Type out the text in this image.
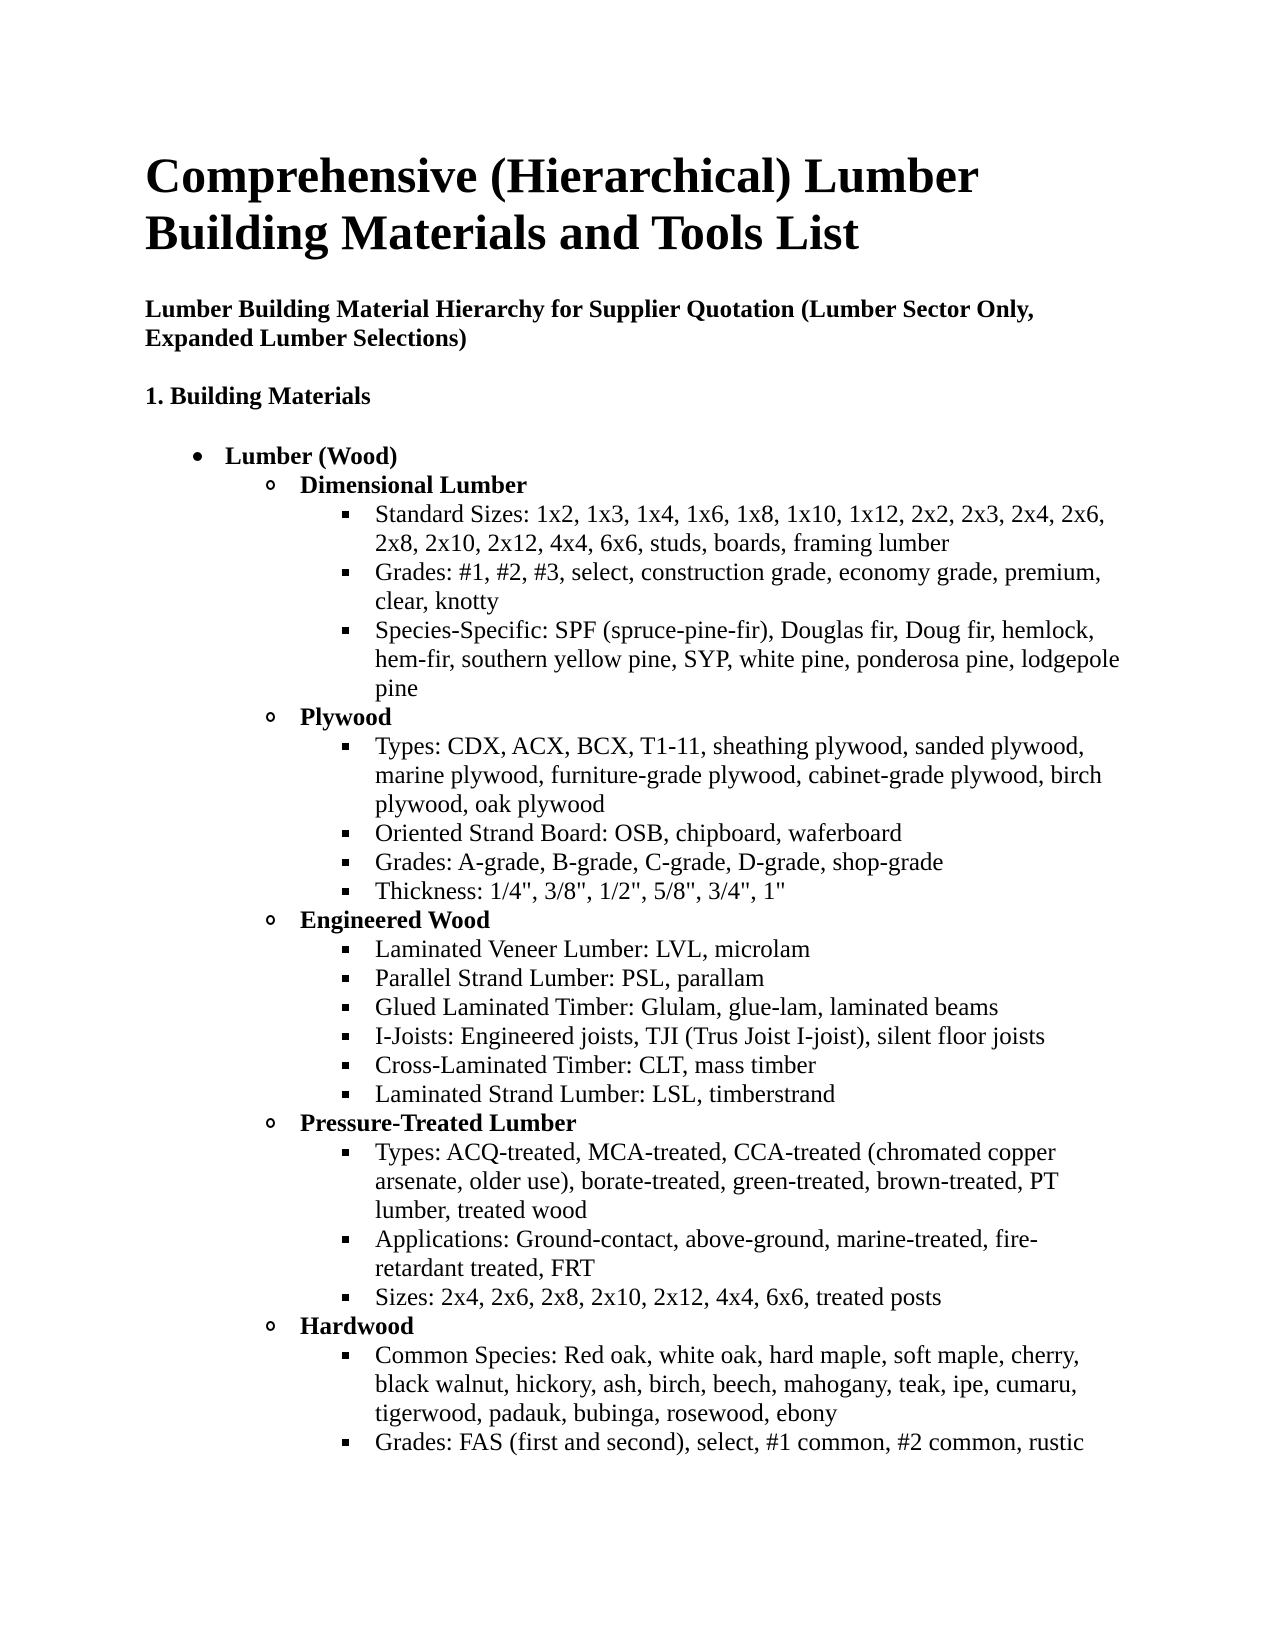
Comprehensive (Hierarchical) Lumber Building Materials and Tools List

Lumber Building Material Hierarchy for Supplier Quotation (Lumber Sector Only, Expanded Lumber Selections)

1. Building Materials
Lumber (Wood)
Dimensional Lumber
Standard Sizes: 1x2, 1x3, 1x4, 1x6, 1x8, 1x10, 1x12, 2x2, 2x3, 2x4, 2x6, 2x8, 2x10, 2x12, 4x4, 6x6, studs, boards, framing lumber
Grades: #1, #2, #3, select, construction grade, economy grade, premium, clear, knotty
Species-Specific: SPF (spruce-pine-fir), Douglas fir, Doug fir, hemlock, hem-fir, southern yellow pine, SYP, white pine, ponderosa pine, lodgepole pine
Plywood
Types: CDX, ACX, BCX, T1-11, sheathing plywood, sanded plywood, marine plywood, furniture-grade plywood, cabinet-grade plywood, birch plywood, oak plywood
Oriented Strand Board: OSB, chipboard, waferboard
Grades: A-grade, B-grade, C-grade, D-grade, shop-grade
Thickness: 1/4", 3/8", 1/2", 5/8", 3/4", 1"
Engineered Wood
Laminated Veneer Lumber: LVL, microlam
Parallel Strand Lumber: PSL, parallam
Glued Laminated Timber: Glulam, glue-lam, laminated beams
I-Joists: Engineered joists, TJI (Trus Joist I-joist), silent floor joists
Cross-Laminated Timber: CLT, mass timber
Laminated Strand Lumber: LSL, timberstrand
Pressure-Treated Lumber
Types: ACQ-treated, MCA-treated, CCA-treated (chromated copper arsenate, older use), borate-treated, green-treated, brown-treated, PT lumber, treated wood
Applications: Ground-contact, above-ground, marine-treated, fire-retardant treated, FRT
Sizes: 2x4, 2x6, 2x8, 2x10, 2x12, 4x4, 6x6, treated posts
Hardwood
Common Species: Red oak, white oak, hard maple, soft maple, cherry, black walnut, hickory, ash, birch, beech, mahogany, teak, ipe, cumaru, tigerwood, padauk, bubinga, rosewood, ebony
Grades: FAS (first and second), select, #1 common, #2 common, rustic
